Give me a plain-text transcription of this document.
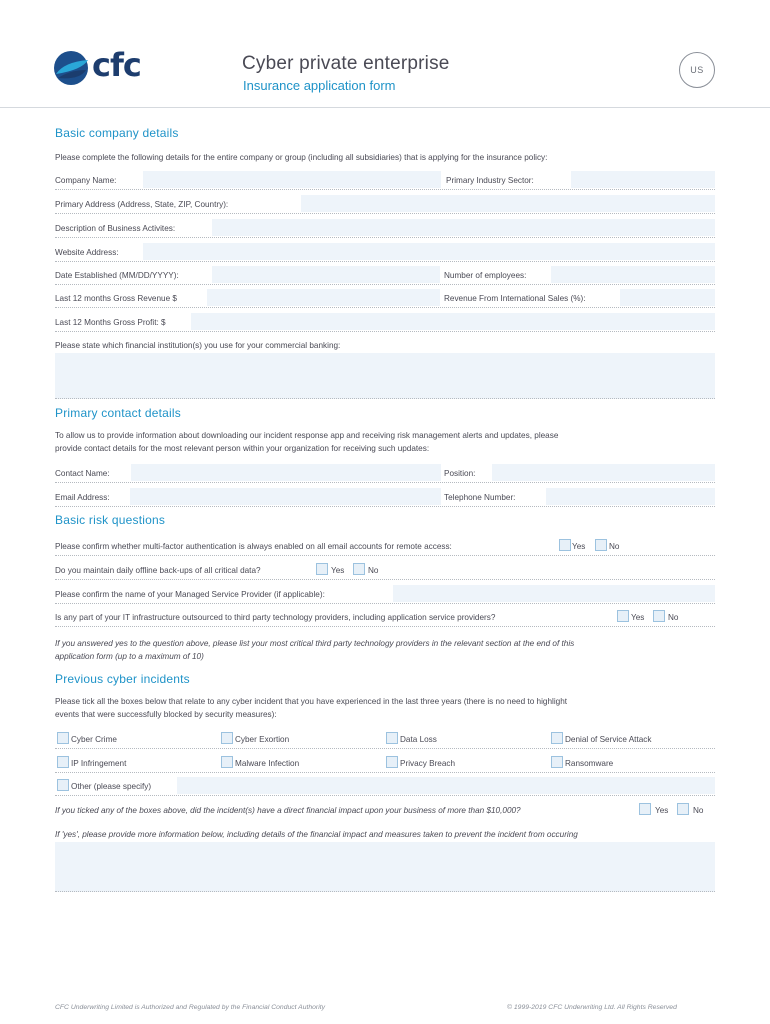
cfc	Cyber private enterprise
Insurance application form
US
Basic company details
Please complete the following details for the entire company or group (including all subsidiaries) that is applying for the insurance policy:
Company Name:	Primary Industry Sector:
Primary Address (Address, State, ZIP, Country):
Description of Business Activites:
Website Address:
Date Established (MM/DD/YYYY):	Number of employees:
Last 12 months Gross Revenue $	Revenue From International Sales (%):
Last 12 Months Gross Profit: $
Please state which financial institution(s) you use for your commercial banking:
Primary contact details
To allow us to provide information about downloading our incident response app and receiving risk management alerts and updates, please
provide contact details for the most relevant person within your organization for receiving such updates:
Contact Name:	Position:
Email Address:	Telephone Number:
Basic risk questions
Please confirm whether multi-factor authentication is always enabled on all email accounts for remote access:	Yes	No
Do you maintain daily offline back-ups of all critical data?	Yes	No
Please confirm the name of your Managed Service Provider (if applicable):
Is any part of your IT infrastructure outsourced to third party technology providers, including application service providers?	Yes	No
If you answered yes to the question above, please list your most critical third party technology providers in the relevant section at the end of this
application form (up to a maximum of 10)
Previous cyber incidents
Please tick all the boxes below that relate to any cyber incident that you have experienced in the last three years (there is no need to highlight
events that were successfully blocked by security measures):
Cyber Crime	Cyber Exortion	Data Loss	Denial of Service Attack
IP Infringement	Malware Infection	Privacy Breach	Ransomware
Other (please specify)
If you ticked any of the boxes above, did the incident(s) have a direct financial impact upon your business of more than $10,000?	Yes	No
If 'yes', please provide more information below, including details of the financial impact and measures taken to prevent the incident from occuring
CFC Underwriting Limited is Authorized and Regulated by the Financial Conduct Authority	© 1999-2019 CFC Underwriting Ltd. All Rights Reserved
